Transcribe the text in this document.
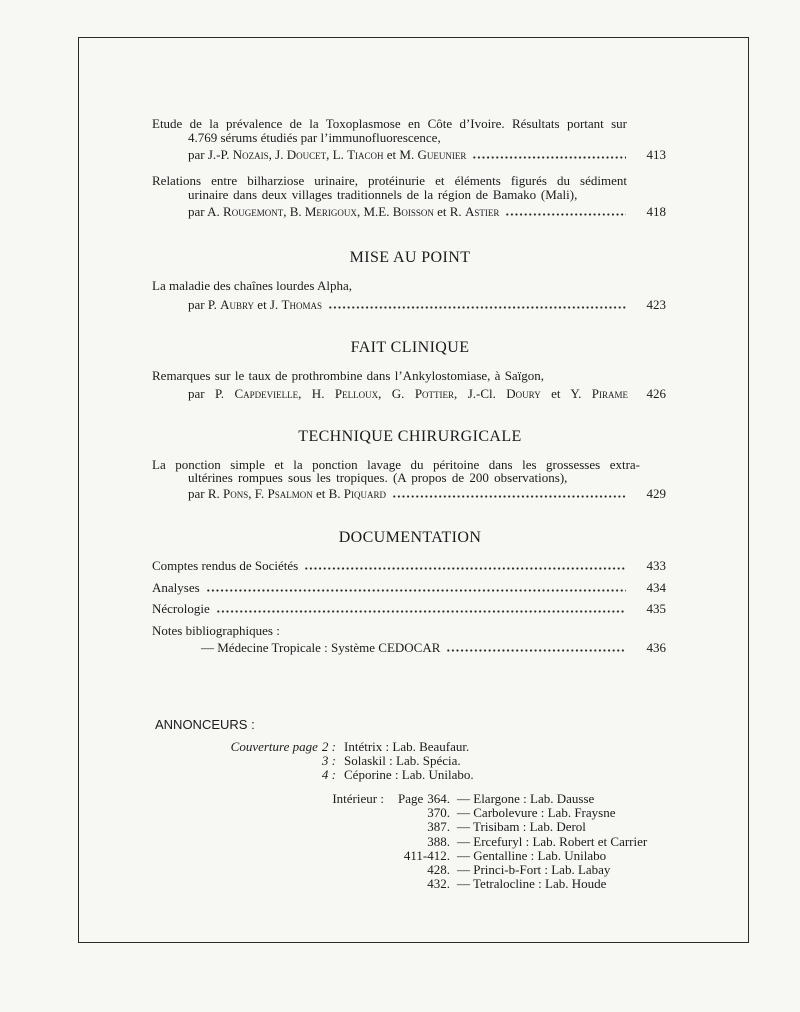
Etude de la prévalence de la Toxoplasmose en Côte d’Ivoire. Résultats portant sur
4.769 sérums étudiés par l’immunofluorescence,
par J.-P. Nozais, J. Doucet, L. Tiacoh et M. Gueunier	413
Relations entre bilharziose urinaire, protéinurie et éléments figurés du sédiment
urinaire dans deux villages traditionnels de la région de Bamako (Mali),
par A. Rougemont, B. Merigoux, M.E. Boisson et R. Astier	418
MISE AU POINT
La maladie des chaînes lourdes Alpha,
par P. Aubry et J. Thomas	423
FAIT CLINIQUE
Remarques sur le taux de prothrombine dans l’Ankylostomiase, à Saïgon,
par P. Capdevielle, H. Pelloux, G. Pottier, J.-Cl. Doury et Y. Pirame 426
TECHNIQUE CHIRURGICALE
La ponction simple et la ponction lavage du péritoine dans les grossesses extra-
ultérines rompues sous les tropiques. (A propos de 200 observations),
par R. Pons, F. Psalmon et B. Piquard	429
DOCUMENTATION
Comptes rendus de Sociétés	433
Analyses	434
Nécrologie	435
Notes bibliographiques :
— Médecine Tropicale : Système CEDOCAR	436
ANNONCEURS :
Couverture page 2 : Intétrix : Lab. Beaufaur.
3 : Solaskil : Lab. Spécia.
4 : Céporine : Lab. Unilabo.
Intérieur : Page 364. — Elargone : Lab. Dausse
370. — Carbolevure : Lab. Fraysne
387. — Trisibam : Lab. Derol
388. — Ercefuryl : Lab. Robert et Carrier
411-412. — Gentalline : Lab. Unilabo
428. — Princi-b-Fort : Lab. Labay
432. — Tetralocline : Lab. Houde
